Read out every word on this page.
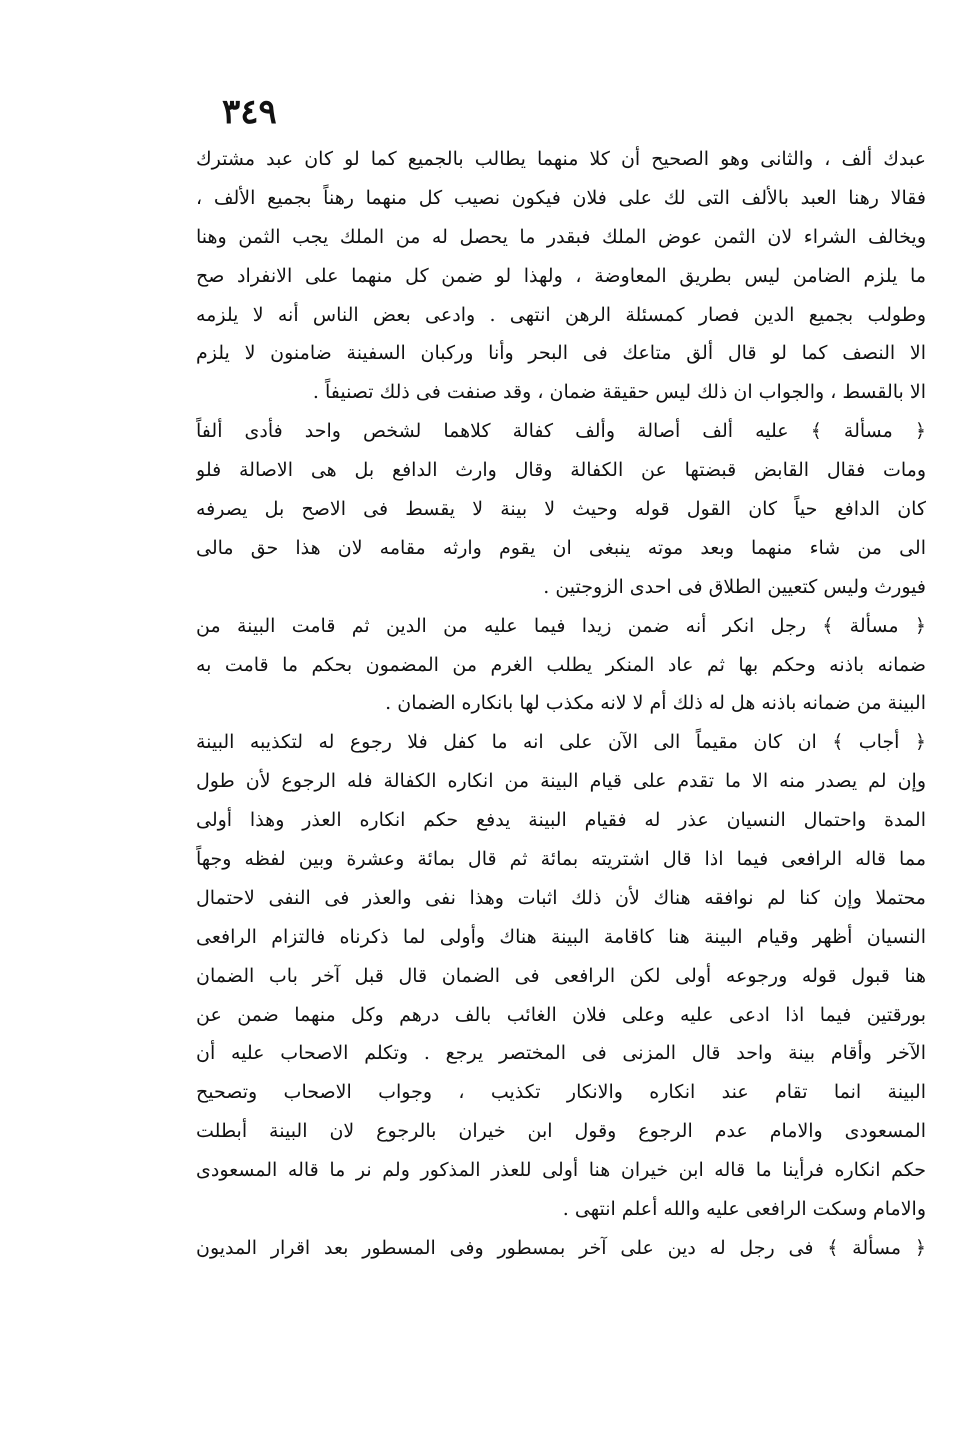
٣٤٩
عبدك ألف ، والثانى وهو الصحيح أن كلا منهما يطالب بالجميع كما لو كان عبد مشترك
فقالا رهنا العبد بالألف التى لك على فلان فيكون نصيب كل منهما رهناً بجميع الألف ،
ويخالف الشراء لان الثمن عوض الملك فبقدر ما يحصل له من الملك يجب الثمن وهنا
ما يلزم الضامن ليس بطريق المعاوضة ، ولهذا لو ضمن كل منهما على الانفراد صح
وطولب بجميع الدين فصار كمسئلة الرهن انتهى . وادعى بعض الناس أنه لا يلزمه
الا النصف كما لو قال ألق متاعك فى البحر وأنا وركبان السفينة ضامنون لا يلزم
الا بالقسط ، والجواب ان ذلك ليس حقيقة ضمان ، وقد صنفت فى ذلك تصنيفاً .
﴿ مسألة ﴾ عليه ألف أصالة وألف كفالة كلاهما لشخص واحد فأدى ألفاً
ومات فقال القابض قبضتها عن الكفالة وقال وارث الدافع بل هى الاصالة فلو
كان الدافع حياً كان القول قوله وحيث لا بينة لا يقسط فى الاصح بل يصرفه
الى من شاء منهما وبعد موته ينبغى ان يقوم وارثه مقامه لان هذا حق مالى
فيورث وليس كتعيين الطلاق فى احدى الزوجتين .
﴿ مسألة ﴾ رجل انكر أنه ضمن زيدا فيما عليه من الدين ثم قامت البينة من
ضمانه باذنه وحكم بها ثم عاد المنكر يطلب الغرم من المضمون بحكم ما قامت به
البينة من ضمانه باذنه هل له ذلك أم لا لانه مكذب لها بانكاره الضمان .
﴿ أجاب ﴾ ان كان مقيماً الى الآن على انه ما كفل فلا رجوع له لتكذيبه البينة
وإن لم يصدر منه الا ما تقدم على قيام البينة من انكاره الكفالة فله الرجوع لأن طول
المدة واحتمال النسيان عذر له فقيام البينة يدفع حكم انكاره العذر وهذا أولى
مما قاله الرافعى فيما اذا قال اشتريته بمائة ثم قال بمائة وعشرة وبين لفظه وجهاً
محتملا وإن كنا لم نوافقه هناك لأن ذلك اثبات وهذا نفى والعذر فى النفى لاحتمال
النسيان أظهر وقيام البينة هنا كاقامة البينة هناك وأولى لما ذكرناه فالتزام الرافعى
هنا قبول قوله ورجوعه أولى لكن الرافعى فى الضمان قال قبل آخر باب الضمان
بورقتين فيما اذا ادعى عليه وعلى فلان الغائب بالف درهم وكل منهما ضمن عن
الآخر وأقام بينة واحد قال المزنى فى المختصر يرجع . وتكلم الاصحاب عليه أن
البينة انما تقام عند انكاره والانكار تكذيب ، وجواب الاصحاب وتصحيح
المسعودى والامام عدم الرجوع وقول ابن خيران بالرجوع لان البينة أبطلت
حكم انكاره فرأينا ما قاله ابن خيران هنا أولى للعذر المذكور ولم نر ما قاله المسعودى
والامام وسكت الرافعى عليه والله أعلم انتهى .
﴿ مسألة ﴾ فى رجل له دين على آخر بمسطور وفى المسطور بعد اقرار المديون
